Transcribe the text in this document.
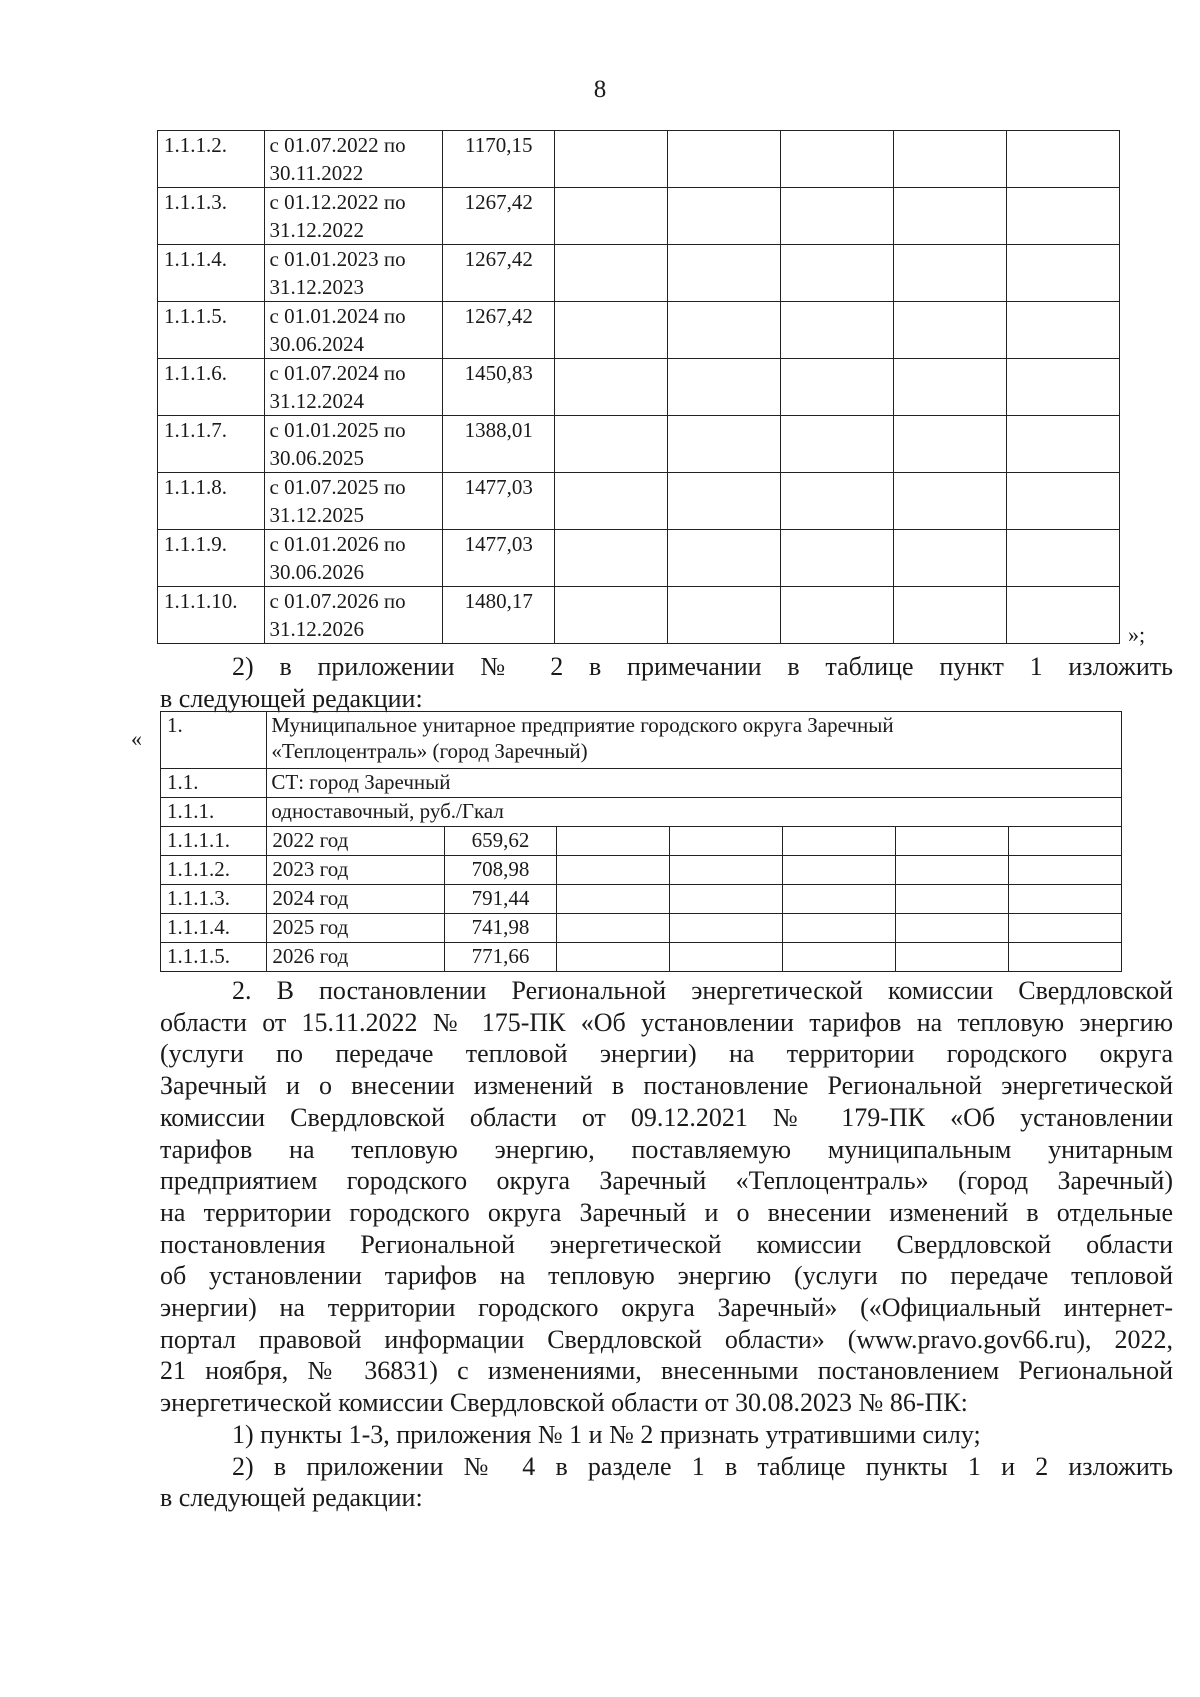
8
1.1.1.2.	с 01.07.2022 по
30.11.2022	1170,15					
1.1.1.3.	с 01.12.2022 по
31.12.2022	1267,42					
1.1.1.4.	с 01.01.2023 по
31.12.2023	1267,42					
1.1.1.5.	с 01.01.2024 по
30.06.2024	1267,42					
1.1.1.6.	с 01.07.2024 по
31.12.2024	1450,83					
1.1.1.7.	с 01.01.2025 по
30.06.2025	1388,01					
1.1.1.8.	с 01.07.2025 по
31.12.2025	1477,03					
1.1.1.9.	с 01.01.2026 по
30.06.2026	1477,03					
1.1.1.10.	с 01.07.2026 по
31.12.2026	1480,17					
»;
2) в приложении № 2 в примечании в таблице пункт 1 изложить
в следующей редакции:
«
1.	Муниципальное унитарное предприятие городского округа Заречный
«Теплоцентраль» (город Заречный)						

1.1.	СТ: город Заречный						
1.1.1.	одноставочный, руб./Гкал						
1.1.1.1.	2022 год	659,62					
1.1.1.2.	2023 год	708,98					
1.1.1.3.	2024 год	791,44					
1.1.1.4.	2025 год	741,98					
1.1.1.5.	2026 год	771,66					
2. В постановлении Региональной энергетической комиссии Свердловской
области от 15.11.2022 № 175-ПК «Об установлении тарифов на тепловую энергию
(услуги по передаче тепловой энергии) на территории городского округа
Заречный и о внесении изменений в постановление Региональной энергетической
комиссии Свердловской области от 09.12.2021 № 179-ПК «Об установлении
тарифов на тепловую энергию, поставляемую муниципальным унитарным
предприятием городского округа Заречный «Теплоцентраль» (город Заречный)
на территории городского округа Заречный и о внесении изменений в отдельные
постановления Региональной энергетической комиссии Свердловской области
об установлении тарифов на тепловую энергию (услуги по передаче тепловой
энергии) на территории городского округа Заречный» («Официальный интернет-
портал правовой информации Свердловской области» (www.pravo.gov66.ru), 2022,
21 ноября, № 36831) с изменениями, внесенными постановлением Региональной
энергетической комиссии Свердловской области от 30.08.2023 № 86-ПК:
1) пункты 1-3, приложения № 1 и № 2 признать утратившими силу;
2) в приложении № 4 в разделе 1 в таблице пункты 1 и 2 изложить
в следующей редакции:
